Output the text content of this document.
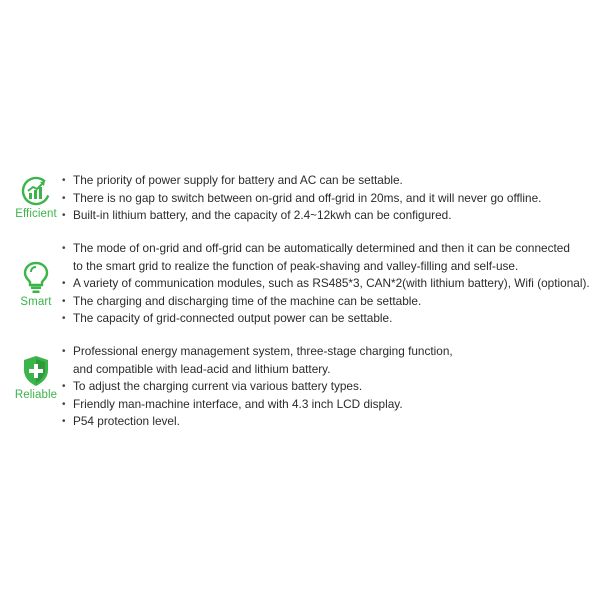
Efficient
• The priority of power supply for battery and AC can be settable.
• There is no gap to switch between on-grid and off-grid in 20ms, and it will never go offline.
• Built-in lithium battery, and the capacity of 2.4~12kwh can be configured.
Smart
• The mode of on-grid and off-grid can be automatically determined and then it can be connected
to the smart grid to realize the function of peak-shaving and valley-filling and self-use.
• A variety of communication modules, such as RS485*3, CAN*2(with lithium battery), Wifi (optional).
• The charging and discharging time of the machine can be settable.
• The capacity of grid-connected output power can be settable.
Reliable
• Professional energy management system, three-stage charging function,
and compatible with lead-acid and lithium battery.
• To adjust the charging current via various battery types.
• Friendly man-machine interface, and with 4.3 inch LCD display.
• P54 protection level.
